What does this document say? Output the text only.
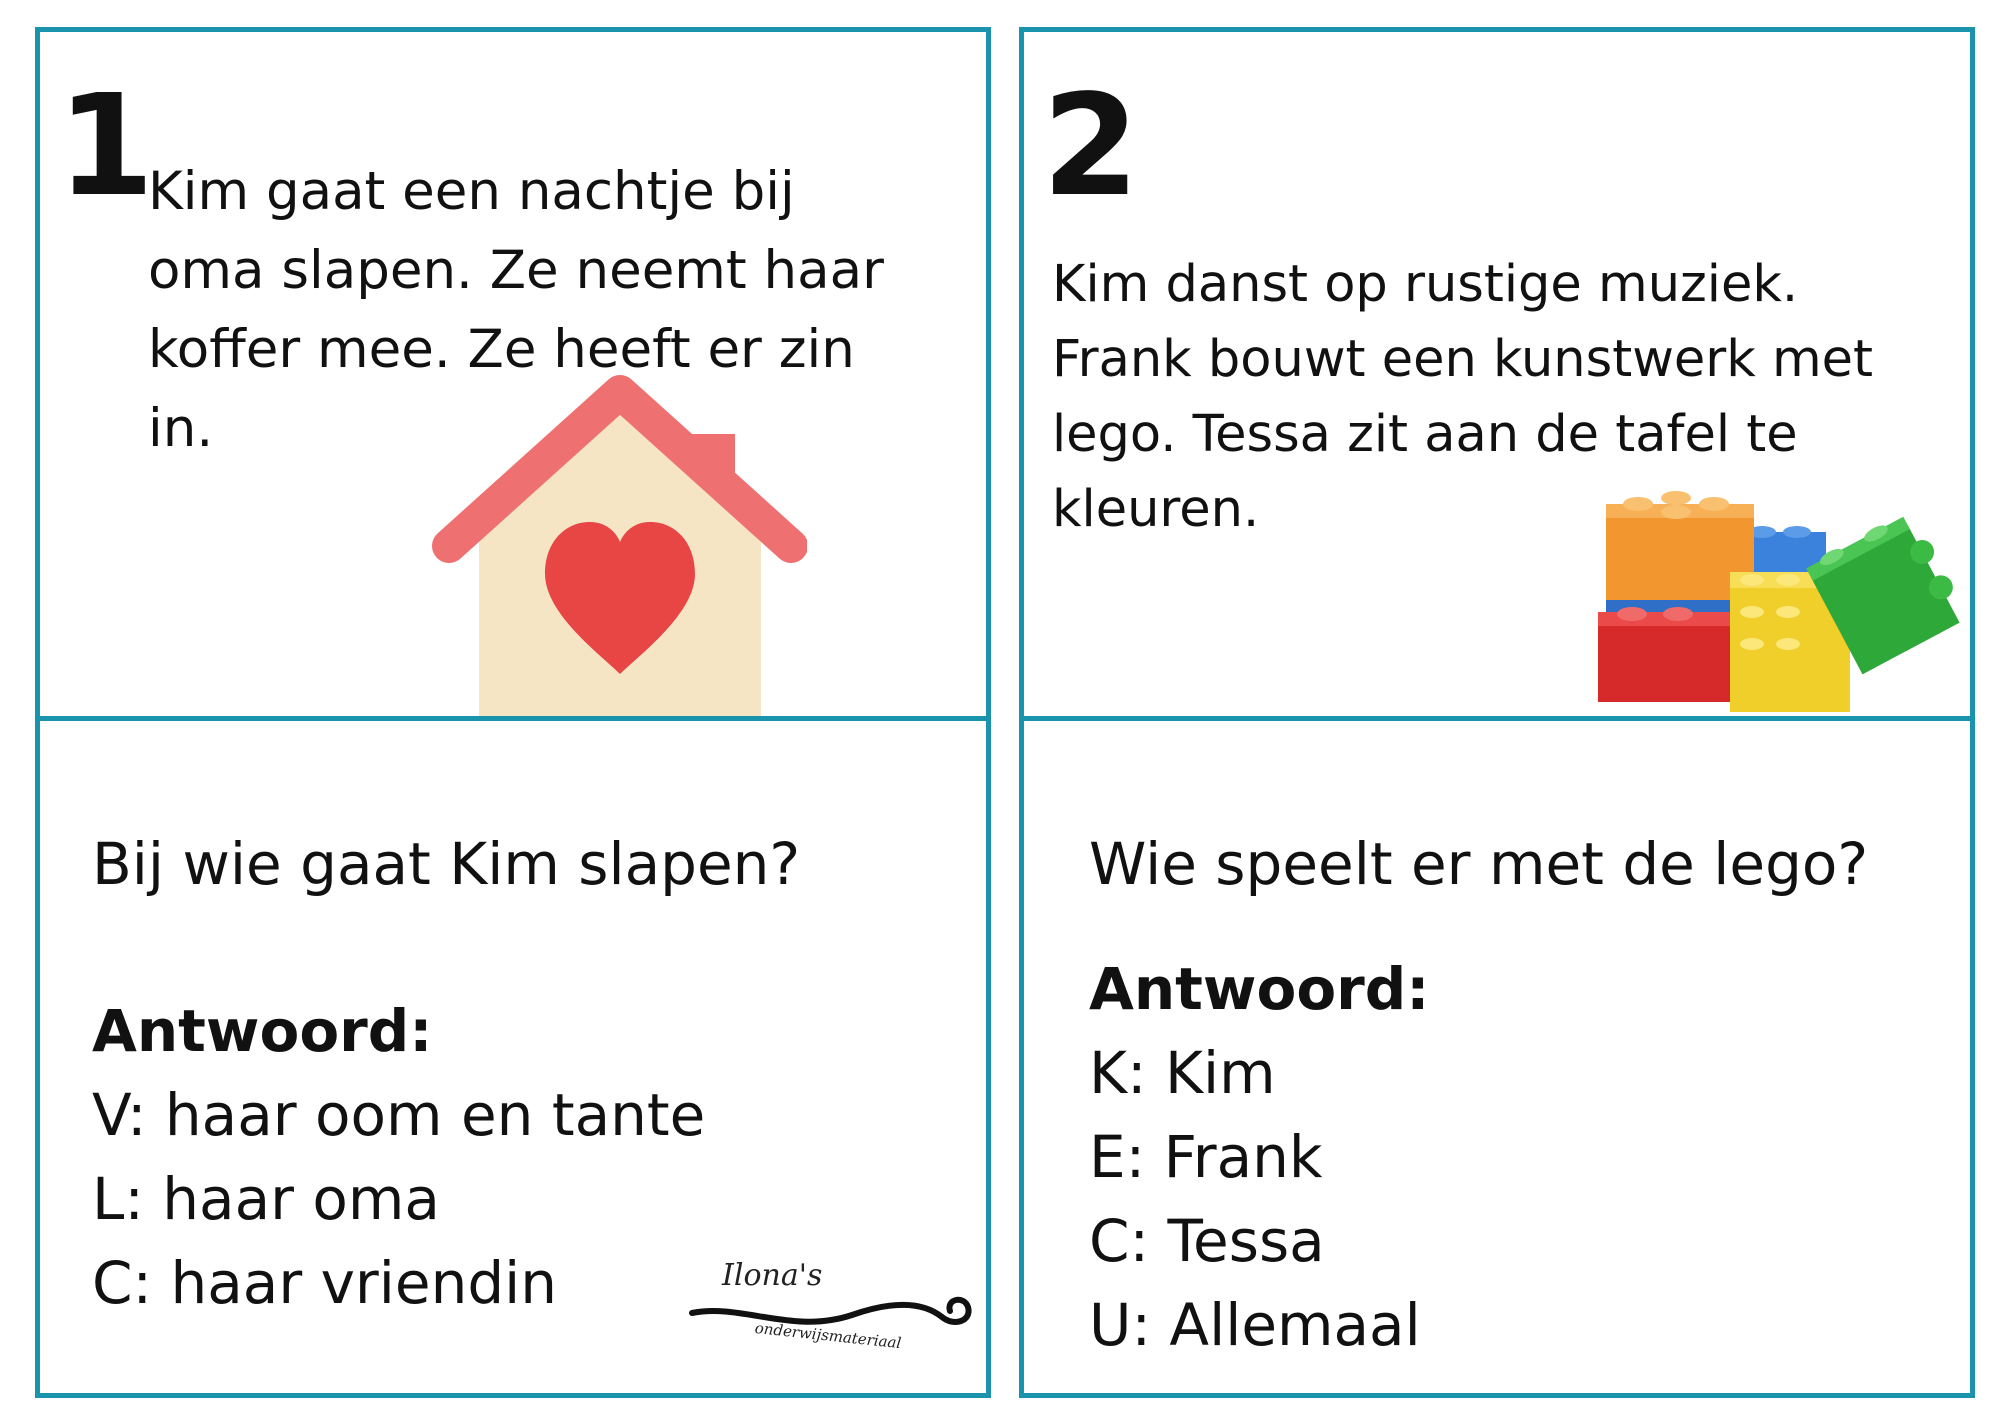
1
Kim gaat een nachtje bij
oma slapen. Ze neemt haar
koffer mee. Ze heeft er zin
in.
Bij wie gaat Kim slapen?
Antwoord:
V: haar oom en tante
L: haar oma
C: haar vriendin	Ilona's
onderwijsmateriaal
2
Kim danst op rustige muziek.
Frank bouwt een kunstwerk met
lego. Tessa zit aan de tafel te
kleuren.
Wie speelt er met de lego?
Antwoord:
K: Kim
E: Frank
C: Tessa
U: Allemaal
